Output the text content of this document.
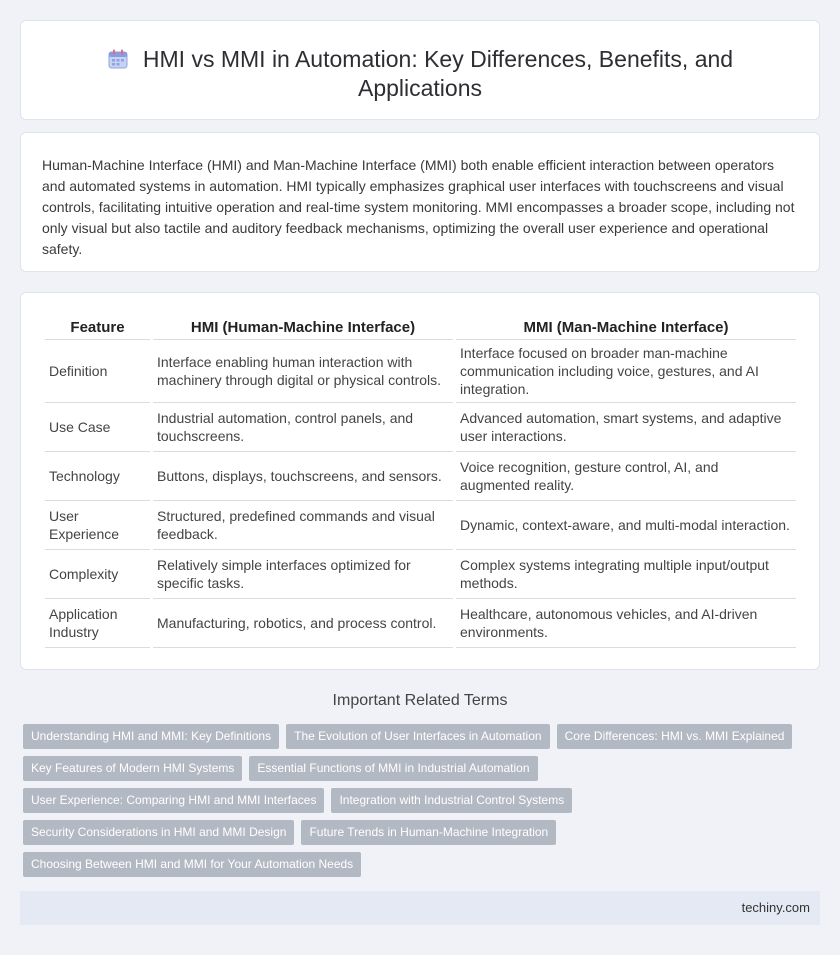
HMI vs MMI in Automation: Key Differences, Benefits, and Applications

Human-Machine Interface (HMI) and Man-Machine Interface (MMI) both enable efficient interaction between operators and automated systems in automation. HMI typically emphasizes graphical user interfaces with touchscreens and visual controls, facilitating intuitive operation and real-time system monitoring. MMI encompasses a broader scope, including not only visual but also tactile and auditory feedback mechanisms, optimizing the overall user experience and operational safety.

Feature	HMI (Human-Machine Interface)	MMI (Man-Machine Interface)
Definition	Interface enabling human interaction with machinery through digital or physical controls.	Interface focused on broader man-machine communication including voice, gestures, and AI integration.
Use Case	Industrial automation, control panels, and touchscreens.	Advanced automation, smart systems, and adaptive user interactions.
Technology	Buttons, displays, touchscreens, and sensors.	Voice recognition, gesture control, AI, and augmented reality.
User Experience	Structured, predefined commands and visual feedback.	Dynamic, context-aware, and multi-modal interaction.
Complexity	Relatively simple interfaces optimized for specific tasks.	Complex systems integrating multiple input/output methods.
Application Industry	Manufacturing, robotics, and process control.	Healthcare, autonomous vehicles, and AI-driven environments.
Important Related Terms
Understanding HMI and MMI: Key Definitions	The Evolution of User Interfaces in Automation	Core Differences: HMI vs. MMI Explained
Key Features of Modern HMI Systems	Essential Functions of MMI in Industrial Automation
User Experience: Comparing HMI and MMI Interfaces	Integration with Industrial Control Systems
Security Considerations in HMI and MMI Design	Future Trends in Human-Machine Integration
Choosing Between HMI and MMI for Your Automation Needs
techiny.com
